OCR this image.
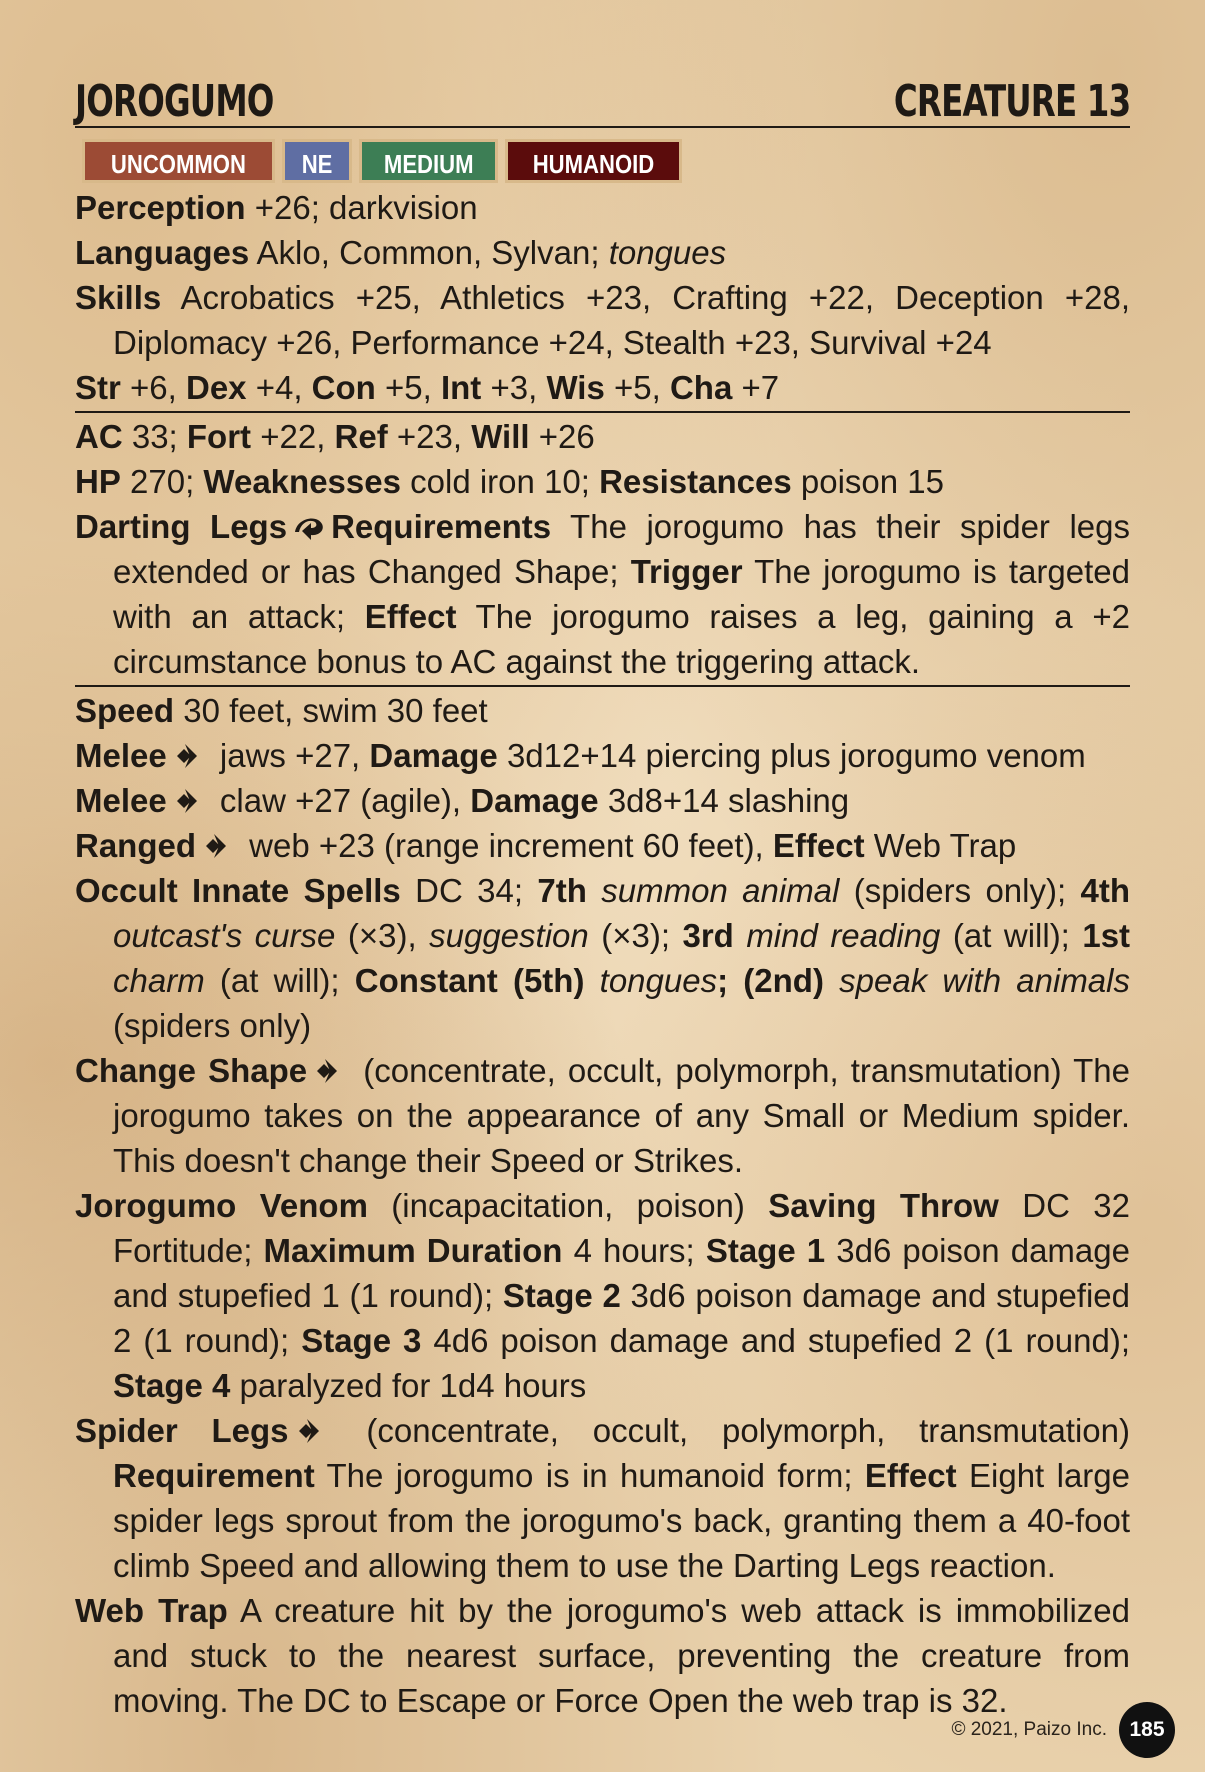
JOROGUMO	CREATURE 13
UNCOMMON	NE	MEDIUM	HUMANOID
Perception +26; darkvision
Languages Aklo, Common, Sylvan; tongues
Skills Acrobatics +25, Athletics +23, Crafting +22, Deception +28, Diplomacy +26, Performance +24, Stealth +23, Survival +24
Str +6, Dex +4, Con +5, Int +3, Wis +5, Cha +7
AC 33; Fort +22, Ref +23, Will +26
HP 270; Weaknesses cold iron 10; Resistances poison 15
Darting Legs Requirements The jorogumo has their spider legs extended or has Changed Shape; Trigger The jorogumo is targeted with an attack; Effect The jorogumo raises a leg, gaining a +2 circumstance bonus to AC against the triggering attack.
Speed 30 feet, swim 30 feet
Melee jaws +27, Damage 3d12+14 piercing plus jorogumo venom
Melee claw +27 (agile), Damage 3d8+14 slashing
Ranged web +23 (range increment 60 feet), Effect Web Trap
Occult Innate Spells DC 34; 7th summon animal (spiders only); 4th outcast's curse (×3), suggestion (×3); 3rd mind reading (at will); 1st charm (at will); Constant (5th) tongues; (2nd) speak with animals (spiders only)
Change Shape (concentrate, occult, polymorph, transmutation) The jorogumo takes on the appearance of any Small or Medium spider. This doesn't change their Speed or Strikes.
Jorogumo Venom (incapacitation, poison) Saving Throw DC 32 Fortitude; Maximum Duration 4 hours; Stage 1 3d6 poison damage and stupefied 1 (1 round); Stage 2 3d6 poison damage and stupefied 2 (1 round); Stage 3 4d6 poison damage and stupefied 2 (1 round); Stage 4 paralyzed for 1d4 hours
Spider Legs (concentrate, occult, polymorph, transmutation) Requirement The jorogumo is in humanoid form; Effect Eight large spider legs sprout from the jorogumo's back, granting them a 40-foot climb Speed and allowing them to use the Darting Legs reaction.
Web Trap A creature hit by the jorogumo's web attack is immobilized and stuck to the nearest surface, preventing the creature from moving. The DC to Escape or Force Open the web trap is 32.
© 2021, Paizo Inc.	185
